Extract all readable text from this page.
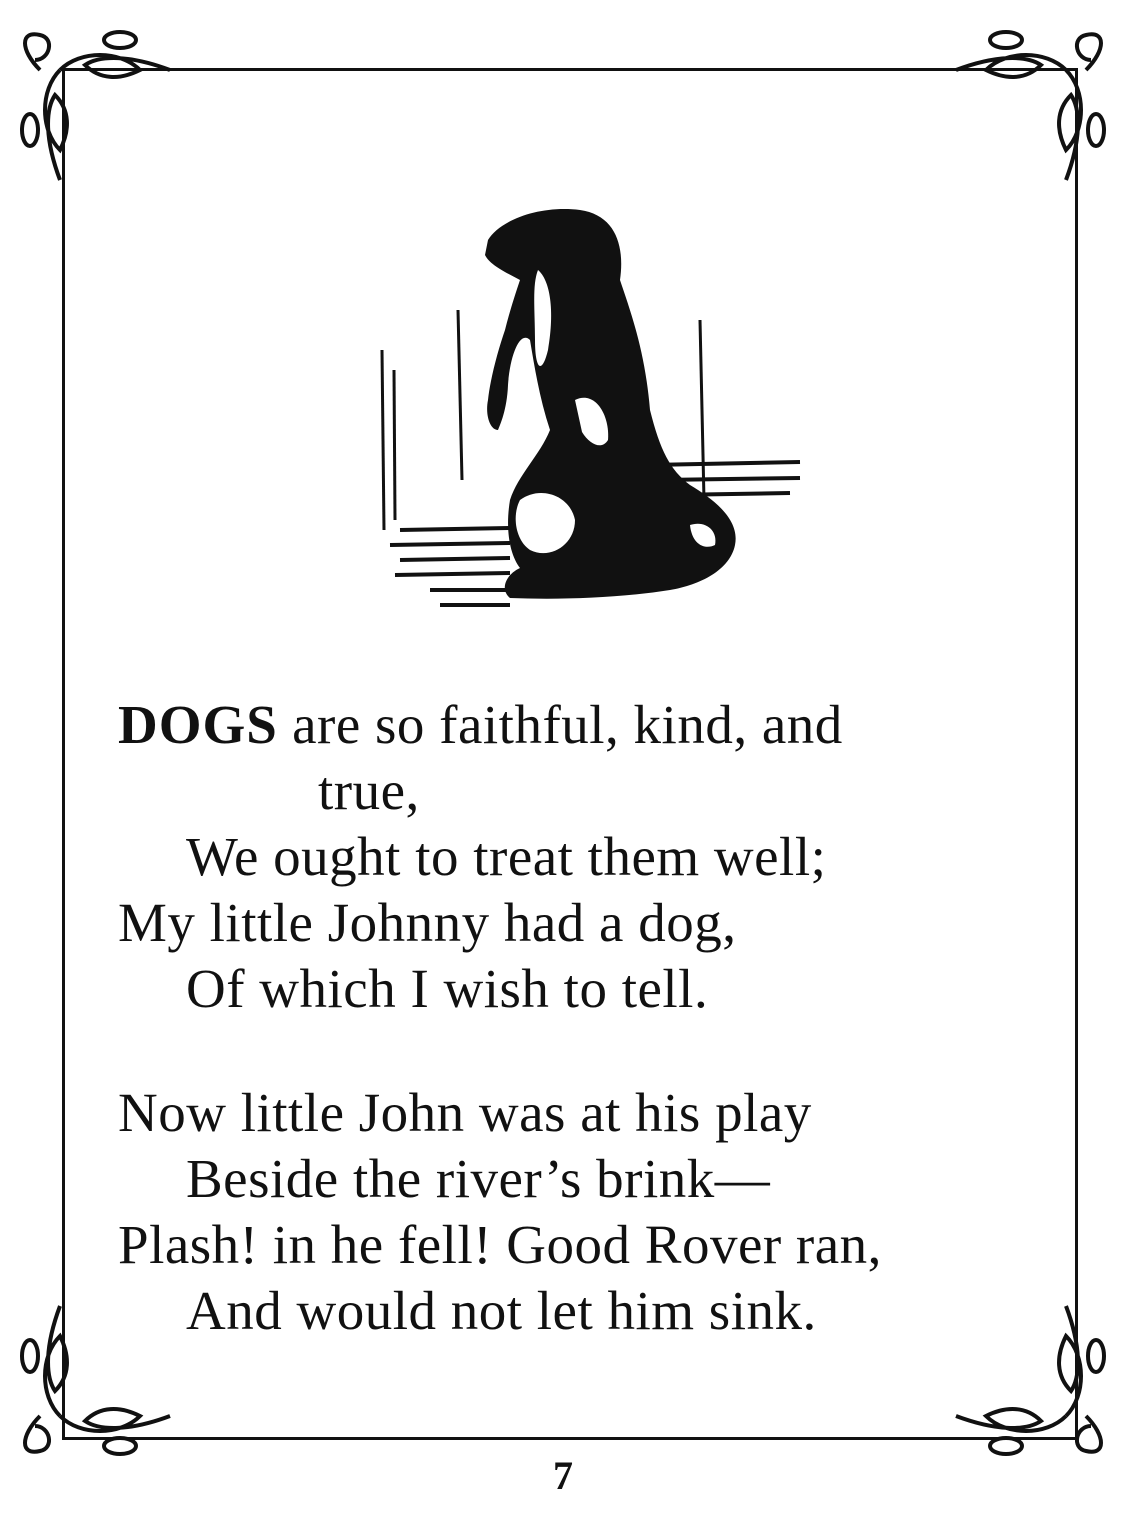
DOGS are so faithful, kind, and
true,
We ought to treat them well;
My little Johnny had a dog,
Of which I wish to tell.
Now little John was at his play
Beside the river’s brink—
Plash! in he fell! Good Rover ran,
And would not let him sink.
7
